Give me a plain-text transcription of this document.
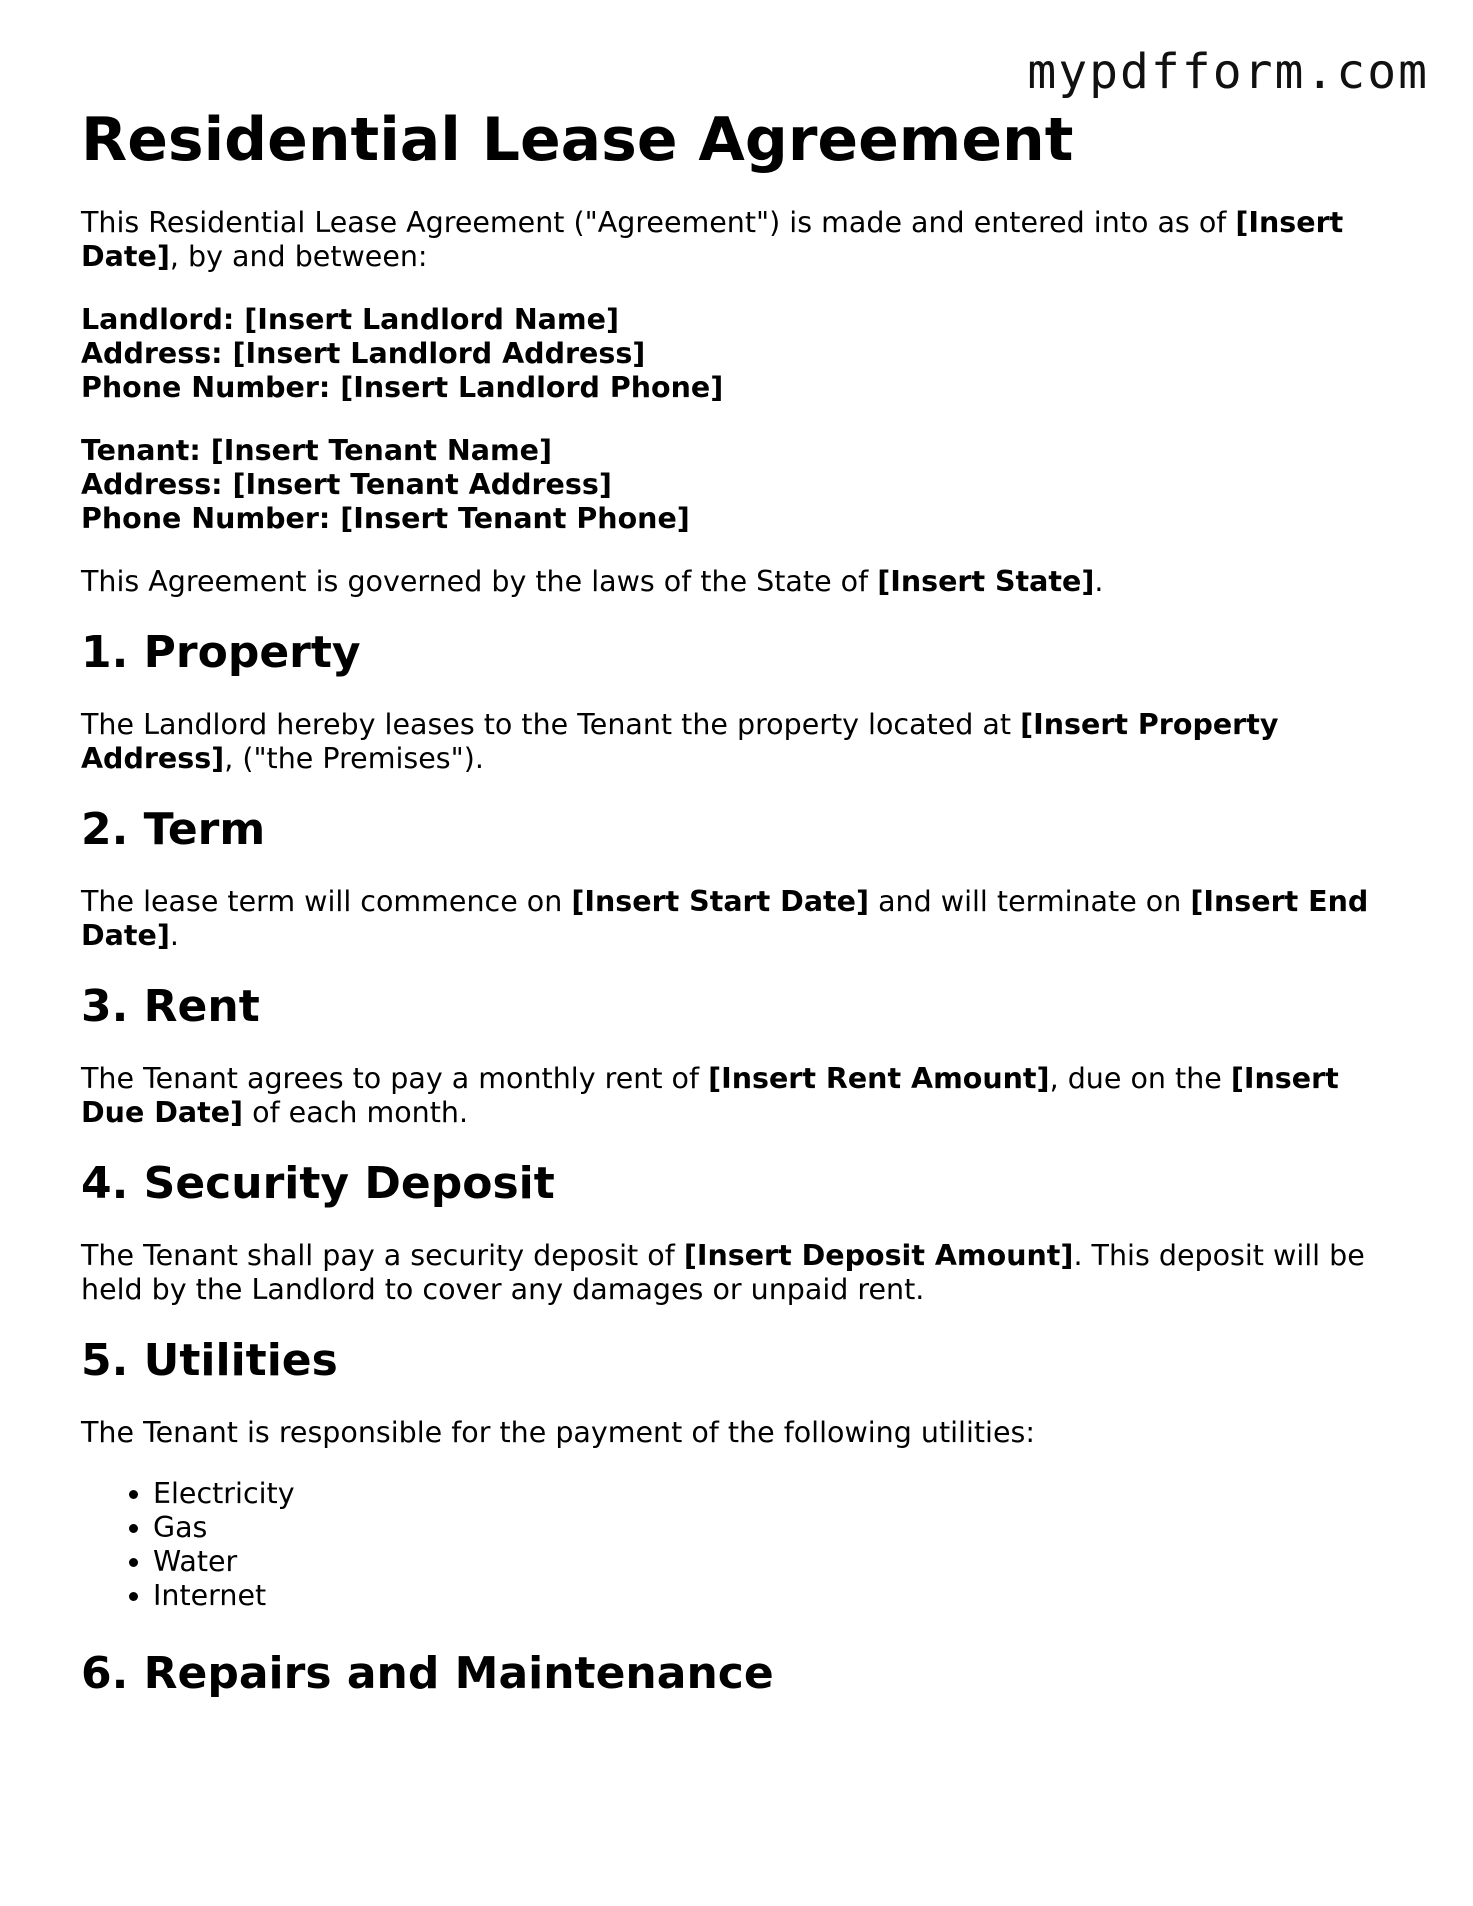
mypdfform.com
Residential Lease Agreement

This Residential Lease Agreement ("Agreement") is made and entered into as of [Insert Date], by and between:

Landlord: [Insert Landlord Name]
Address: [Insert Landlord Address]
Phone Number: [Insert Landlord Phone]

Tenant: [Insert Tenant Name]
Address: [Insert Tenant Address]
Phone Number: [Insert Tenant Phone]

This Agreement is governed by the laws of the State of [Insert State].

1. Property

The Landlord hereby leases to the Tenant the property located at [Insert Property Address], ("the Premises").

2. Term

The lease term will commence on [Insert Start Date] and will terminate on [Insert End Date].

3. Rent

The Tenant agrees to pay a monthly rent of [Insert Rent Amount], due on the [Insert Due Date] of each month.

4. Security Deposit

The Tenant shall pay a security deposit of [Insert Deposit Amount]. This deposit will be held by the Landlord to cover any damages or unpaid rent.

5. Utilities

The Tenant is responsible for the payment of the following utilities:

• Electricity
• Gas
• Water
• Internet
6. Repairs and Maintenance
